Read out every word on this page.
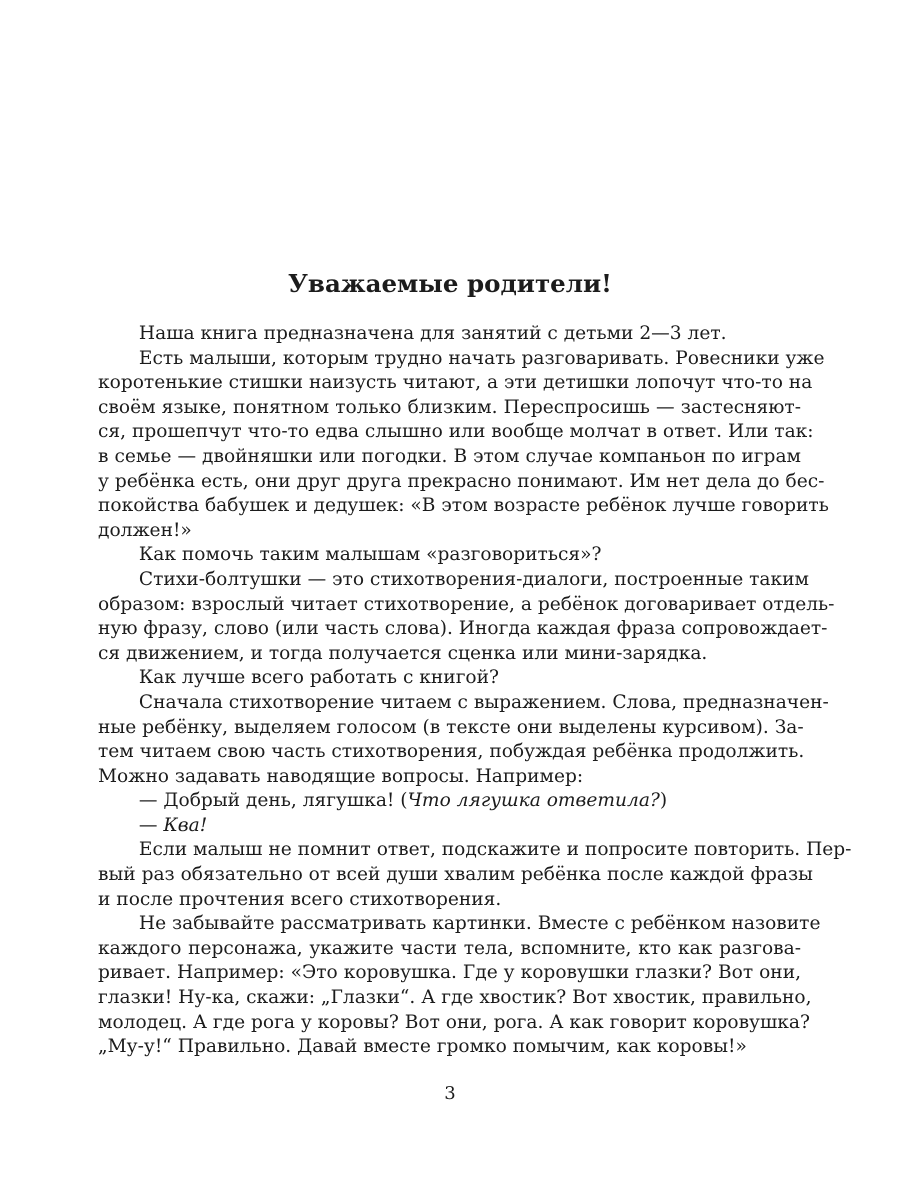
Уважаемые родители!
Наша книга предназначена для занятий с детьми 2—3 лет.
Есть малыши, которым трудно начать разговаривать. Ровесники уже
коротенькие стишки наизусть читают, а эти детишки лопочут что-то на
своём языке, понятном только близким. Переспросишь — застесняют-
ся, прошепчут что-то едва слышно или вообще молчат в ответ. Или так:
в семье — двойняшки или погодки. В этом случае компаньон по играм
у ребёнка есть, они друг друга прекрасно понимают. Им нет дела до бес-
покойства бабушек и дедушек: «В этом возрасте ребёнок лучше говорить
должен!»
Как помочь таким малышам «разговориться»?
Стихи-болтушки — это стихотворения-диалоги, построенные таким
образом: взрослый читает стихотворение, а ребёнок договаривает отдель-
ную фразу, слово (или часть слова). Иногда каждая фраза сопровождает-
ся движением, и тогда получается сценка или мини-зарядка.
Как лучше всего работать с книгой?
Сначала стихотворение читаем с выражением. Слова, предназначен-
ные ребёнку, выделяем голосом (в тексте они выделены курсивом). За-
тем читаем свою часть стихотворения, побуждая ребёнка продолжить.
Можно задавать наводящие вопросы. Например:
— Добрый день, лягушка! (Что лягушка ответила?)
— Ква!
Если малыш не помнит ответ, подскажите и попросите повторить. Пер-
вый раз обязательно от всей души хвалим ребёнка после каждой фразы
и после прочтения всего стихотворения.
Не забывайте рассматривать картинки. Вместе с ребёнком назовите
каждого персонажа, укажите части тела, вспомните, кто как разгова-
ривает. Например: «Это коровушка. Где у коровушки глазки? Вот они,
глазки! Ну-ка, скажи: „Глазки“. А где хвостик? Вот хвостик, правильно,
молодец. А где рога у коровы? Вот они, рога. А как говорит коровушка?
„Му-у!“ Правильно. Давай вместе громко помычим, как коровы!»
3
